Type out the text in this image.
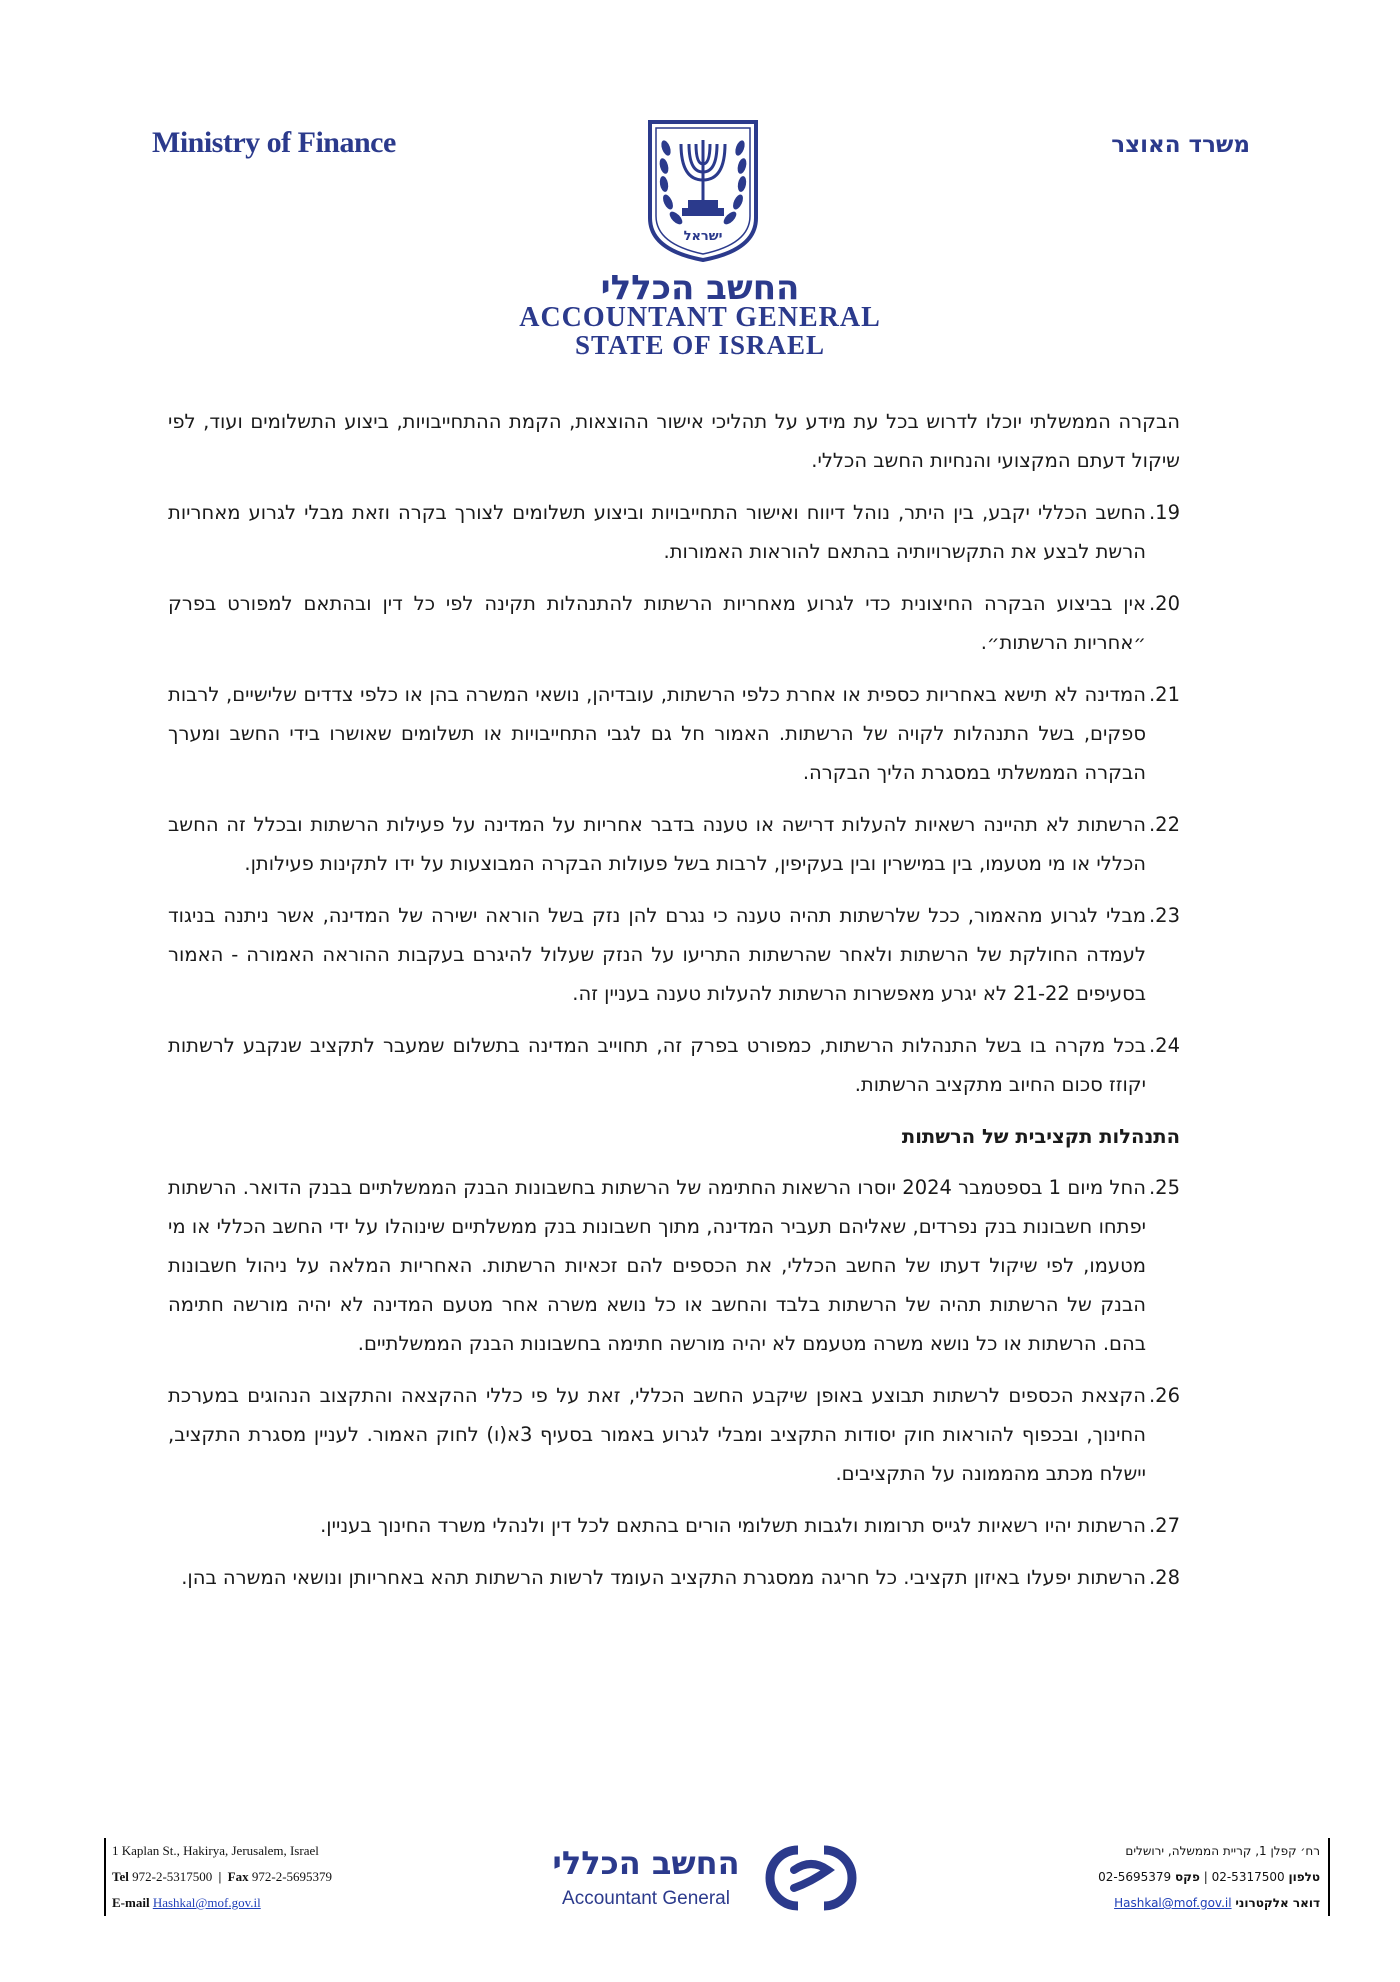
Ministry of Finance	משרד האוצר
ישראל
החשב הכללי
ACCOUNTANT GENERAL
STATE OF ISRAEL

הבקרה הממשלתי יוכלו לדרוש בכל עת מידע על תהליכי אישור ההוצאות, הקמת ההתחייבויות, ביצוע התשלומים ועוד, לפי שיקול דעתם המקצועי והנחיות החשב הכללי.

19.
החשב הכללי יקבע, בין היתר, נוהל דיווח ואישור התחייבויות וביצוע תשלומים לצורך בקרה וזאת מבלי לגרוע מאחריות הרשת לבצע את התקשרויותיה בהתאם להוראות האמורות.
20.
אין בביצוע הבקרה החיצונית כדי לגרוע מאחריות הרשתות להתנהלות תקינה לפי כל דין ובהתאם למפורט בפרק ״אחריות הרשתות״.
21.
המדינה לא תישא באחריות כספית או אחרת כלפי הרשתות, עובדיהן, נושאי המשרה בהן או כלפי צדדים שלישיים, לרבות ספקים, בשל התנהלות לקויה של הרשתות. האמור חל גם לגבי התחייבויות או תשלומים שאושרו בידי החשב ומערך הבקרה הממשלתי במסגרת הליך הבקרה.
22.
הרשתות לא תהיינה רשאיות להעלות דרישה או טענה בדבר אחריות על המדינה על פעילות הרשתות ובכלל זה החשב הכללי או מי מטעמו, בין במישרין ובין בעקיפין, לרבות בשל פעולות הבקרה המבוצעות על ידו לתקינות פעילותן.
23.
מבלי לגרוע מהאמור, ככל שלרשתות תהיה טענה כי נגרם להן נזק בשל הוראה ישירה של המדינה, אשר ניתנה בניגוד לעמדה החולקת של הרשתות ולאחר שהרשתות התריעו על הנזק שעלול להיגרם בעקבות ההוראה האמורה - האמור בסעיפים 21-22 לא יגרע מאפשרות הרשתות להעלות טענה בעניין זה.
24.
בכל מקרה בו בשל התנהלות הרשתות, כמפורט בפרק זה, תחוייב המדינה בתשלום שמעבר לתקציב שנקבע לרשתות יקוזז סכום החיוב מתקציב הרשתות.
התנהלות תקציבית של הרשתות
25.
החל מיום 1 בספטמבר 2024 יוסרו הרשאות החתימה של הרשתות בחשבונות הבנק הממשלתיים בבנק הדואר. הרשתות יפתחו חשבונות בנק נפרדים, שאליהם תעביר המדינה, מתוך חשבונות בנק ממשלתיים שינוהלו על ידי החשב הכללי או מי מטעמו, לפי שיקול דעתו של החשב הכללי, את הכספים להם זכאיות הרשתות. האחריות המלאה על ניהול חשבונות הבנק של הרשתות תהיה של הרשתות בלבד והחשב או כל נושא משרה אחר מטעם המדינה לא יהיה מורשה חתימה בהם. הרשתות או כל נושא משרה מטעמם לא יהיה מורשה חתימה בחשבונות הבנק הממשלתיים.
26.
הקצאת הכספים לרשתות תבוצע באופן שיקבע החשב הכללי, זאת על פי כללי ההקצאה והתקצוב הנהוגים במערכת החינוך, ובכפוף להוראות חוק יסודות התקציב ומבלי לגרוע באמור בסעיף 3א(ו) לחוק האמור. לעניין מסגרת התקציב, יישלח מכתב מהממונה על התקציבים.
27.
הרשתות יהיו רשאיות לגייס תרומות ולגבות תשלומי הורים בהתאם לכל דין ולנהלי משרד החינוך בעניין.
28.
הרשתות יפעלו באיזון תקציבי. כל חריגה ממסגרת התקציב העומד לרשות הרשתות תהא באחריותן ונושאי המשרה בהן.
1 Kaplan St., Hakirya, Jerusalem, Israel
Tel 972-2-5317500 | Fax 972-2-5695379
E-mail Hashkal@mof.gov.il
החשב הכללי
Accountant General
רח׳ קפלן 1, קריית הממשלה, ירושלים
טלפון 02-5317500 | פקס 02-5695379
דואר אלקטרוני Hashkal@mof.gov.il
